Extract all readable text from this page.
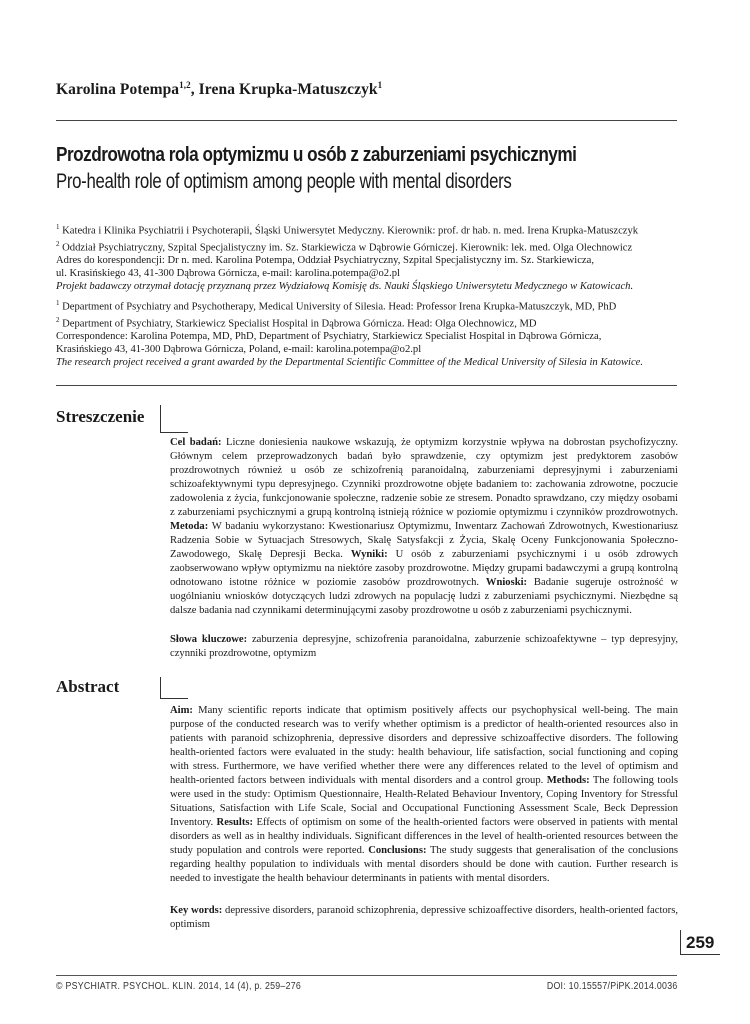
Karolina Potempa$^{1,2}$, Irena Krupka-Matuszczyk$^1$
Prozdrowotna rola optymizmu u osób z zaburzeniami psychicznymi
Pro-health role of optimism among people with mental disorders
$^1$ Katedra i Klinika Psychiatrii i Psychoterapii, Śląski Uniwersytet Medyczny. Kierownik: prof. dr hab. n. med. Irena Krupka-Matuszczyk
$^2$ Oddział Psychiatryczny, Szpital Specjalistyczny im. Sz. Starkiewicza w Dąbrowie Górniczej. Kierownik: lek. med. Olga Olechnowicz
Adres do korespondencji: Dr n. med. Karolina Potempa, Oddział Psychiatryczny, Szpital Specjalistyczny im. Sz. Starkiewicza,
ul. Krasińskiego 43, 41-300 Dąbrowa Górnicza, e-mail: karolina.potempa@o2.pl
Projekt badawczy otrzymał dotację przyznaną przez Wydziałową Komisję ds. Nauki Śląskiego Uniwersytetu Medycznego w Katowicach.
$^1$ Department of Psychiatry and Psychotherapy, Medical University of Silesia. Head: Professor Irena Krupka-Matuszczyk, MD, PhD
$^2$ Department of Psychiatry, Starkiewicz Specialist Hospital in Dąbrowa Górnicza. Head: Olga Olechnowicz, MD
Correspondence: Karolina Potempa, MD, PhD, Department of Psychiatry, Starkiewicz Specialist Hospital in Dąbrowa Górnicza,
Krasińskiego 43, 41-300 Dąbrowa Górnicza, Poland, e-mail: karolina.potempa@o2.pl
The research project received a grant awarded by the Departmental Scientific Committee of the Medical University of Silesia in Katowice.
Streszczenie
Cel badań: Liczne doniesienia naukowe wskazują, że optymizm korzystnie wpływa na dobrostan psychofizyczny. Głównym celem przeprowadzonych badań było sprawdzenie, czy optymizm jest predyktorem zasobów prozdrowotnych również u osób ze schizofrenią paranoidalną, zaburzeniami depresyjnymi i zaburzeniami schizoafektywnymi typu depresyjnego. Czynniki prozdrowotne objęte badaniem to: zachowania zdrowotne, poczucie zadowolenia z życia, funkcjonowanie społeczne, radzenie sobie ze stresem. Ponadto sprawdzano, czy między osobami z zaburzeniami psychicznymi a grupą kontrolną istnieją różnice w poziomie optymizmu i czynników prozdrowotnych. Metoda: W badaniu wykorzystano: Kwestionariusz Optymizmu, Inwentarz Zachowań Zdrowotnych, Kwestionariusz Radzenia Sobie w Sytuacjach Stresowych, Skalę Satysfakcji z Życia, Skalę Oceny Funkcjonowania Społeczno-Zawodowego, Skalę Depresji Becka. Wyniki: U osób z zaburzeniami psychicznymi i u osób zdrowych zaobserwowano wpływ optymizmu na niektóre zasoby prozdrowotne. Między grupami badawczymi a grupą kontrolną odnotowano istotne różnice w poziomie zasobów prozdrowotnych. Wnioski: Badanie sugeruje ostrożność w uogólnianiu wniosków dotyczących ludzi zdrowych na populację ludzi z zaburzeniami psychicznymi. Niezbędne są dalsze badania nad czynnikami determinującymi zasoby prozdrowotne u osób z zaburzeniami psychicznymi.
Słowa kluczowe: zaburzenia depresyjne, schizofrenia paranoidalna, zaburzenie schizoafektywne – typ depresyjny, czynniki prozdrowotne, optymizm
Abstract
Aim: Many scientific reports indicate that optimism positively affects our psychophysical well-being. The main purpose of the conducted research was to verify whether optimism is a predictor of health-oriented resources also in patients with paranoid schizophrenia, depressive disorders and depressive schizoaffective disorders. The following health-oriented factors were evaluated in the study: health behaviour, life satisfaction, social functioning and coping with stress. Furthermore, we have verified whether there were any differences related to the level of optimism and health-oriented factors between individuals with mental disorders and a control group. Methods: The following tools were used in the study: Optimism Questionnaire, Health-Related Behaviour Inventory, Coping Inventory for Stressful Situations, Satisfaction with Life Scale, Social and Occupational Functioning Assessment Scale, Beck Depression Inventory. Results: Effects of optimism on some of the health-oriented factors were observed in patients with mental disorders as well as in healthy individuals. Significant differences in the level of health-oriented resources between the study population and controls were reported. Conclusions: The study suggests that generalisation of the conclusions regarding healthy population to individuals with mental disorders should be done with caution. Further research is needed to investigate the health behaviour determinants in patients with mental disorders.
Key words: depressive disorders, paranoid schizophrenia, depressive schizoaffective disorders, health-oriented factors, optimism
259
© PSYCHIATR. PSYCHOL. KLIN. 2014, 14 (4), p. 259–276	DOI: 10.15557/PiPK.2014.0036
